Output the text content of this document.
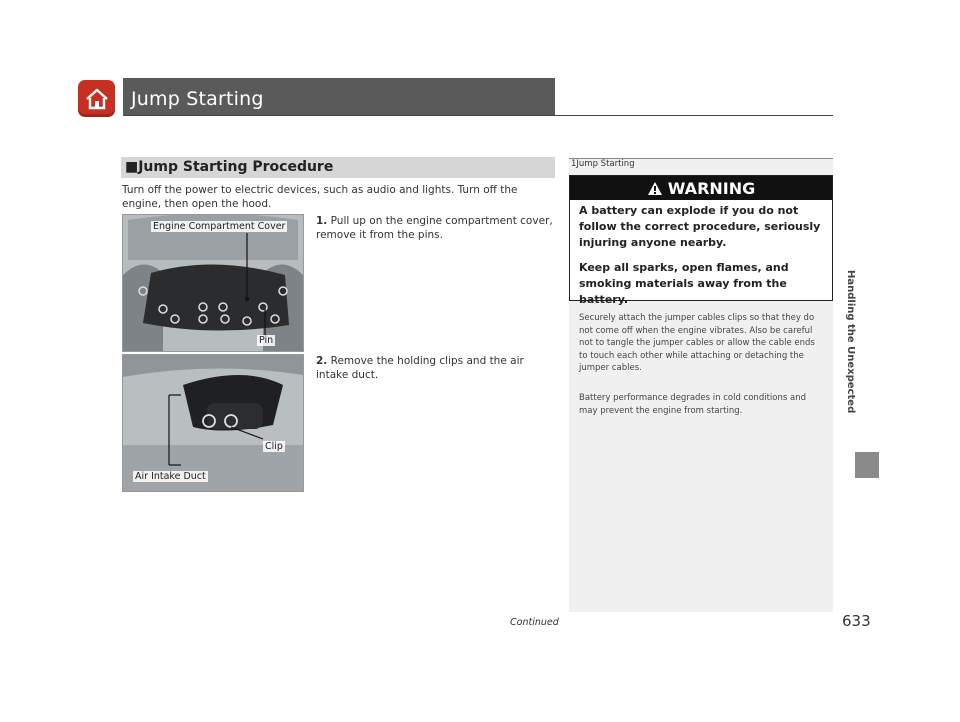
Jump Starting
■Jump Starting Procedure
Turn off the power to electric devices, such as audio and lights. Turn off the engine, then open the hood.
Engine Compartment Cover
Pin
1. Pull up on the engine compartment cover, remove it from the pins.
Clip
Air Intake Duct
2. Remove the holding clips and the air intake duct.
1Jump Starting
WARNING
A battery can explode if you do not follow the correct procedure, seriously injuring anyone nearby.
Keep all sparks, open flames, and smoking materials away from the battery.
Securely attach the jumper cables clips so that they do not come off when the engine vibrates. Also be careful not to tangle the jumper cables or allow the cable ends to touch each other while attaching or detaching the jumper cables.
Battery performance degrades in cold conditions and may prevent the engine from starting.	Handling the Unexpected
Continued	633
